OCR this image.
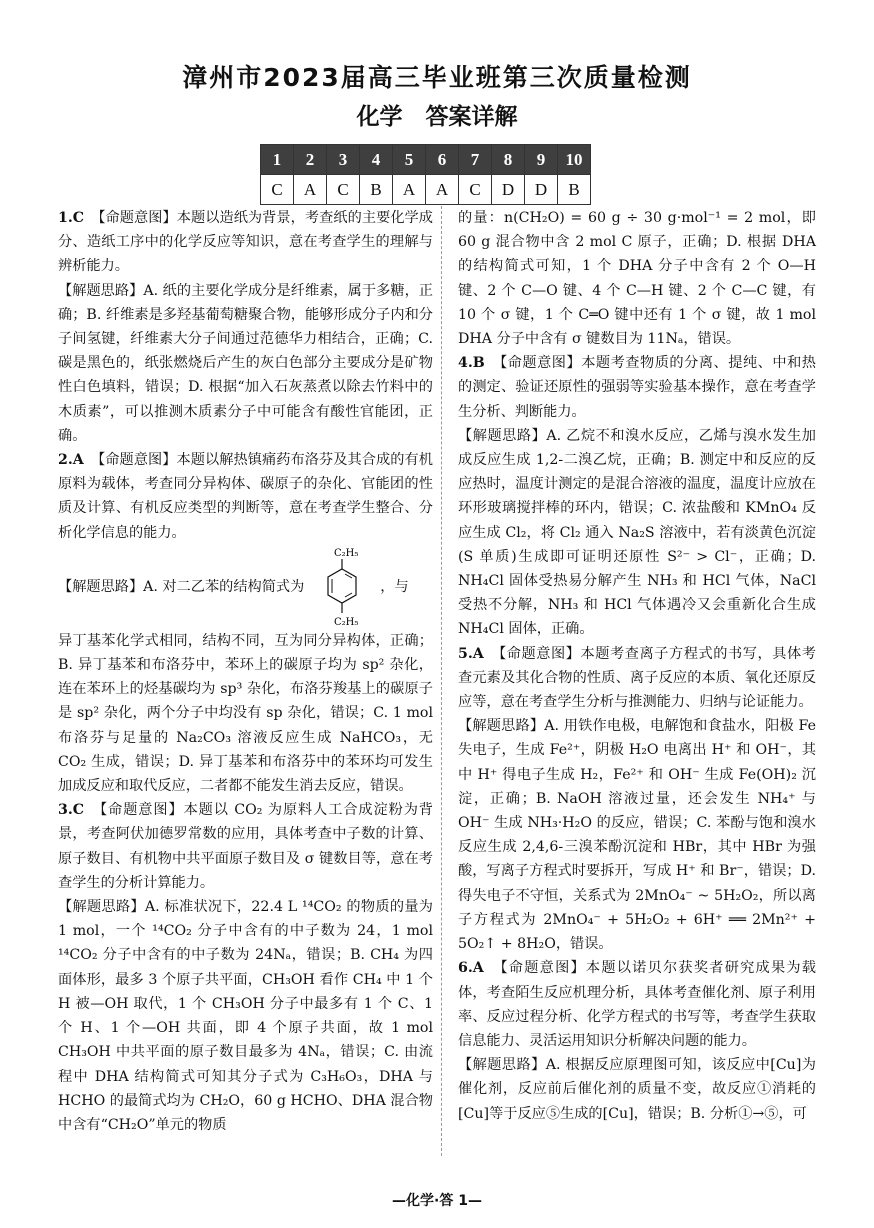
漳州市2023届高三毕业班第三次质量检测
化学　答案详解
1	2	3	4	5	6	7	8	9	10
C	A	C	B	A	A	C	D	D	B

1.C　 【命题意图】本题以造纸为背景，考查纸的主要化学成分、造纸工序中的化学反应等知识，意在考查学生的理解与辨析能力。

【解题思路】A. 纸的主要化学成分是纤维素，属于多糖，正确；B. 纤维素是多羟基葡萄糖聚合物，能够形成分子内和分子间氢键，纤维素大分子间通过范德华力相结合，正确；C. 碳是黑色的，纸张燃烧后产生的灰白色部分主要成分是矿物性白色填料，错误；D. 根据“加入石灰蒸煮以除去竹料中的木质素”，可以推测木质素分子中可能含有酸性官能团，正确。

2.A　 【命题意图】本题以解热镇痛药布洛芬及其合成的有机原料为载体，考查同分异构体、碳原子的杂化、官能团的性质及计算、有机反应类型的判断等，意在考查学生整合、分析化学信息的能力。

【解题思路】A. 对二乙苯的结构简式为
C₂H₅
C₂H₅
，与

异丁基苯化学式相同，结构不同，互为同分异构体，正确；B. 异丁基苯和布洛芬中，苯环上的碳原子均为 sp² 杂化，连在苯环上的烃基碳均为 sp³ 杂化，布洛芬羧基上的碳原子是 sp² 杂化，两个分子中均没有 sp 杂化，错误；C. 1 mol 布洛芬与足量的 Na₂CO₃ 溶液反应生成 NaHCO₃，无 CO₂ 生成，错误；D. 异丁基苯和布洛芬中的苯环均可发生加成反应和取代反应，二者都不能发生消去反应，错误。

3.C　 【命题意图】本题以 CO₂ 为原料人工合成淀粉为背景，考查阿伏加德罗常数的应用，具体考查中子数的计算、原子数目、有机物中共平面原子数目及 σ 键数目等，意在考查学生的分析计算能力。

【解题思路】A. 标准状况下，22.4 L ¹⁴CO₂ 的物质的量为 1 mol，一个 ¹⁴CO₂ 分子中含有的中子数为 24，1 mol ¹⁴CO₂ 分子中含有的中子数为 24Nₐ，错误；B. CH₄ 为四面体形，最多 3 个原子共平面，CH₃OH 看作 CH₄ 中 1 个 H 被—OH 取代，1 个 CH₃OH 分子中最多有 1 个 C、1 个 H、1 个—OH 共面，即 4 个原子共面，故 1 mol CH₃OH 中共平面的原子数目最多为 4Nₐ，错误；C. 由流程中 DHA 结构简式可知其分子式为 C₃H₆O₃，DHA 与 HCHO 的最简式均为 CH₂O，60 g HCHO、DHA 混合物中含有“CH₂O”单元的物质

的量：n(CH₂O) = 60 g ÷ 30 g·mol⁻¹ = 2 mol，即 60 g 混合物中含 2 mol C 原子，正确；D. 根据 DHA 的结构简式可知，1 个 DHA 分子中含有 2 个 O—H 键、2 个 C—O 键、4 个 C—H 键、2 个 C—C 键，有 10 个 σ 键，1 个 C═O 键中还有 1 个 σ 键，故 1 mol DHA 分子中含有 σ 键数目为 11Nₐ，错误。

4.B　 【命题意图】本题考查物质的分离、提纯、中和热的测定、验证还原性的强弱等实验基本操作，意在考查学生分析、判断能力。

【解题思路】A. 乙烷不和溴水反应，乙烯与溴水发生加成反应生成 1,2-二溴乙烷，正确；B. 测定中和反应的反应热时，温度计测定的是混合溶液的温度，温度计应放在环形玻璃搅拌棒的环内，错误；C. 浓盐酸和 KMnO₄ 反应生成 Cl₂，将 Cl₂ 通入 Na₂S 溶液中，若有淡黄色沉淀(S 单质)生成即可证明还原性 S²⁻ > Cl⁻，正确；D. NH₄Cl 固体受热易分解产生 NH₃ 和 HCl 气体，NaCl 受热不分解，NH₃ 和 HCl 气体遇冷又会重新化合生成 NH₄Cl 固体，正确。

5.A　 【命题意图】本题考查离子方程式的书写，具体考查元素及其化合物的性质、离子反应的本质、氧化还原反应等，意在考查学生分析与推测能力、归纳与论证能力。

【解题思路】A. 用铁作电极，电解饱和食盐水，阳极 Fe 失电子，生成 Fe²⁺，阴极 H₂O 电离出 H⁺ 和 OH⁻，其中 H⁺ 得电子生成 H₂，Fe²⁺ 和 OH⁻ 生成 Fe(OH)₂ 沉淀，正确；B. NaOH 溶液过量，还会发生 NH₄⁺ 与 OH⁻ 生成 NH₃·H₂O 的反应，错误；C. 苯酚与饱和溴水反应生成 2,4,6-三溴苯酚沉淀和 HBr，其中 HBr 为强酸，写离子方程式时要拆开，写成 H⁺ 和 Br⁻，错误；D. 得失电子不守恒，关系式为 2MnO₄⁻ ~ 5H₂O₂，所以离子方程式为 2MnO₄⁻ + 5H₂O₂ + 6H⁺ ══ 2Mn²⁺ + 5O₂↑ + 8H₂O，错误。

6.A　 【命题意图】本题以诺贝尔获奖者研究成果为载体，考查陌生反应机理分析，具体考查催化剂、原子利用率、反应过程分析、化学方程式的书写等，考查学生获取信息能力、灵活运用知识分析解决问题的能力。

【解题思路】A. 根据反应原理图可知，该反应中[Cu]为催化剂，反应前后催化剂的质量不变，故反应①消耗的[Cu]等于反应⑤生成的[Cu]，错误；B. 分析①→⑤，可

—化学·答 1—
